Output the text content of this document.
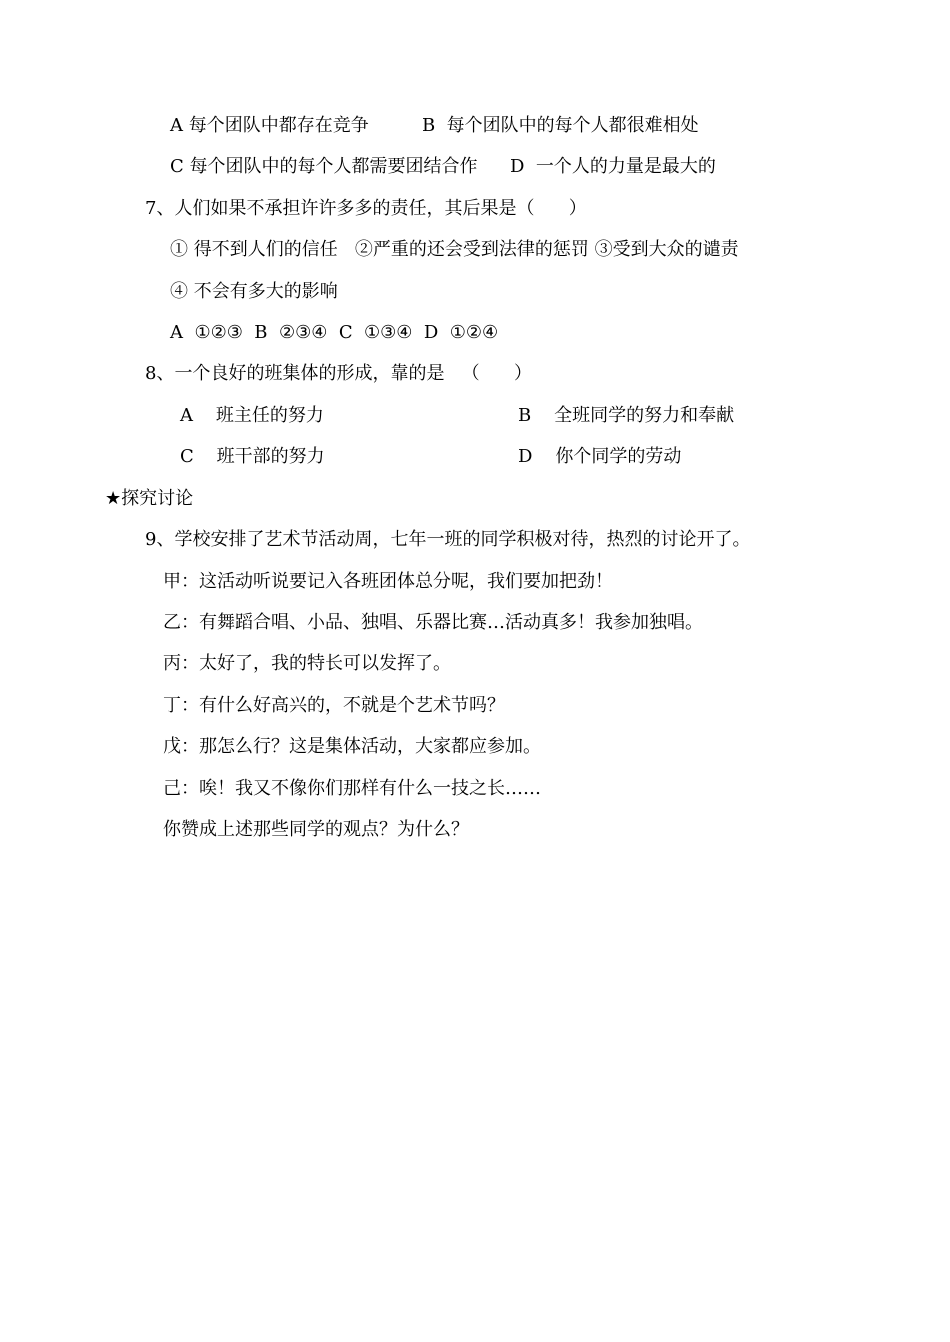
A 每个团队中都存在竞争	B  每个团队中的每个人都很难相处
C 每个团队中的每个人都需要团结合作 D  一个人的力量是最大的
7、人们如果不承担许许多多的责任，其后果是（      ）
① 得不到人们的信任   ②严重的还会受到法律的惩罚 ③受到大众的谴责
④ 不会有多大的影响
A  ①②③  B  ②③④  C  ①③④  D  ①②④
8、一个良好的班集体的形成，靠的是   （      ）
A    班主任的努力	B    全班同学的努力和奉献
C    班干部的努力	D    你个同学的劳动
★探究讨论
9、学校安排了艺术节活动周，七年一班的同学积极对待，热烈的讨论开了。
甲：这活动听说要记入各班团体总分呢，我们要加把劲！
乙：有舞蹈合唱、小品、独唱、乐器比赛…活动真多！我参加独唱。
丙：太好了，我的特长可以发挥了。
丁：有什么好高兴的，不就是个艺术节吗？
戊：那怎么行？这是集体活动，大家都应参加。
己：唉！我又不像你们那样有什么一技之长……
你赞成上述那些同学的观点？为什么？
